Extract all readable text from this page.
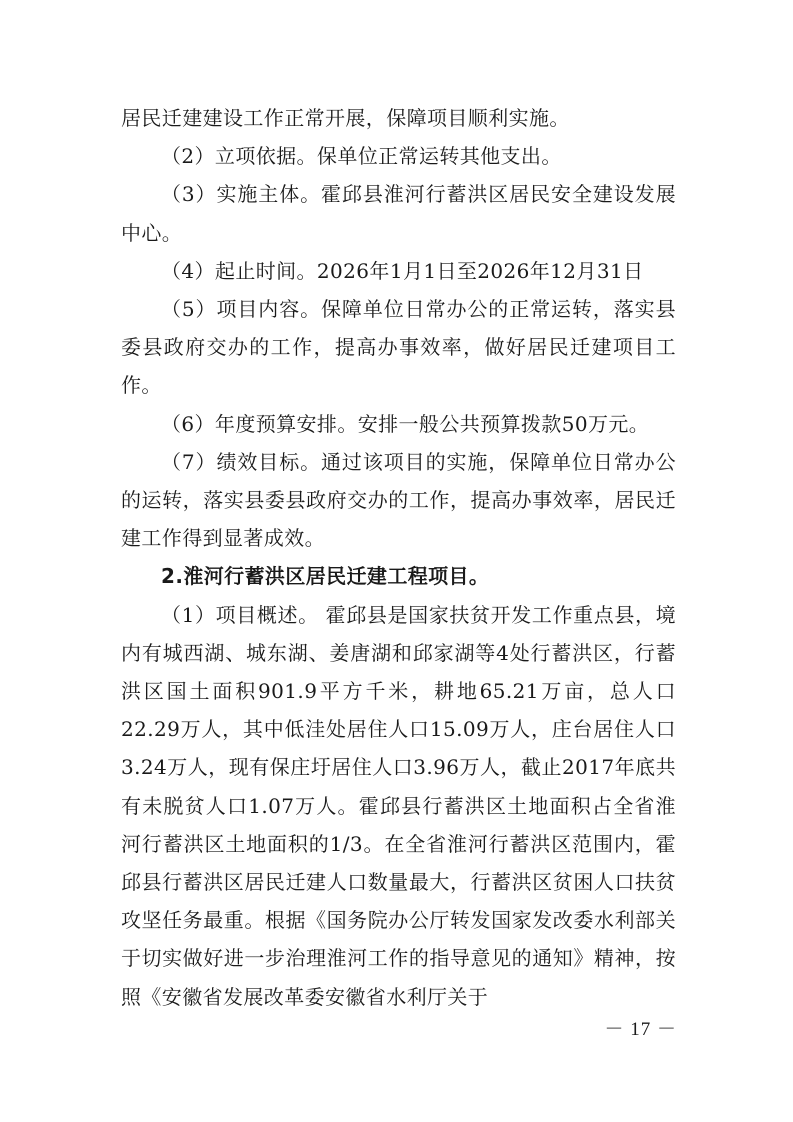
居民迁建建设工作正常开展，保障项目顺利实施。

（2）立项依据。保单位正常运转其他支出。

（3）实施主体。霍邱县淮河行蓄洪区居民安全建设发展中心。

（4）起止时间。2026年1月1日至2026年12月31日

（5）项目内容。保障单位日常办公的正常运转，落实县委县政府交办的工作，提高办事效率，做好居民迁建项目工作。

（6）年度预算安排。安排一般公共预算拨款50万元。

（7）绩效目标。通过该项目的实施，保障单位日常办公的运转，落实县委县政府交办的工作，提高办事效率，居民迁建工作得到显著成效。

2.淮河行蓄洪区居民迁建工程项目。

（1）项目概述。 霍邱县是国家扶贫开发工作重点县，境内有城西湖、城东湖、姜唐湖和邱家湖等4处行蓄洪区，行蓄洪区国土面积901.9平方千米，耕地65.21万亩，总人口22.29万人，其中低洼处居住人口15.09万人，庄台居住人口3.24万人，现有保庄圩居住人口3.96万人，截止2017年底共有未脱贫人口1.07万人。霍邱县行蓄洪区土地面积占全省淮河行蓄洪区土地面积的1/3。在全省淮河行蓄洪区范围内，霍邱县行蓄洪区居民迁建人口数量最大，行蓄洪区贫困人口扶贫攻坚任务最重。根据《国务院办公厅转发国家发改委水利部关于切实做好进一步治理淮河工作的指导意见的通知》精神，按照《安徽省发展改革委安徽省水利厅关于

－ 17 －
